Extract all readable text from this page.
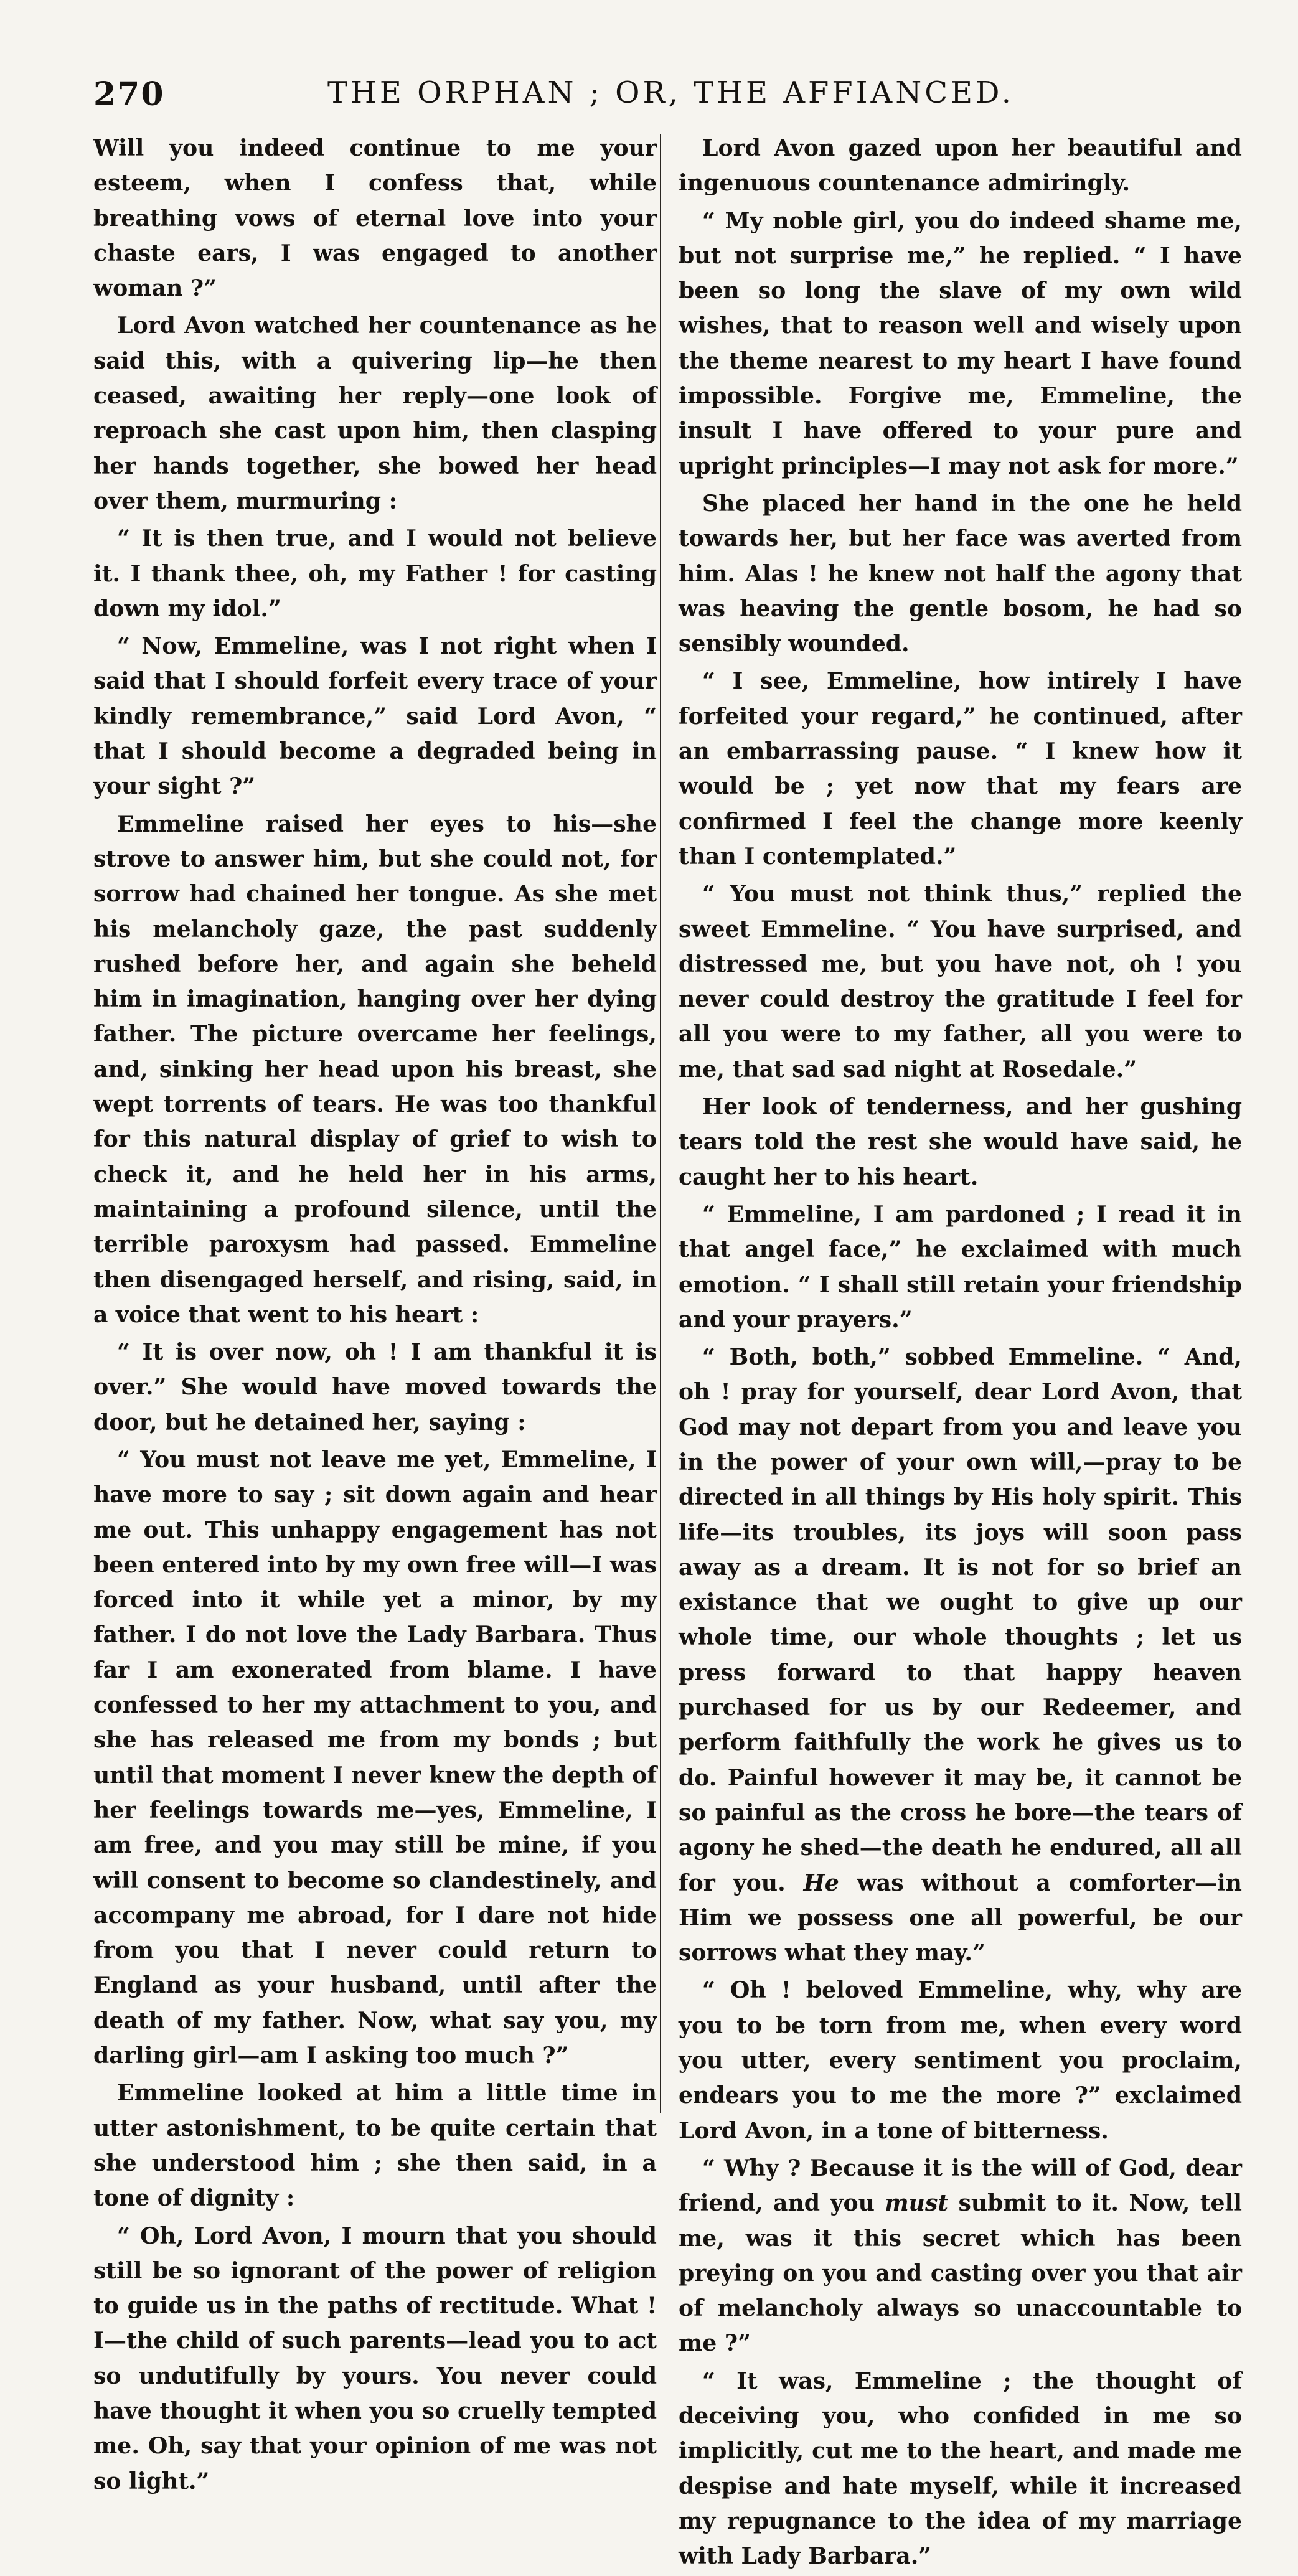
270	THE ORPHAN ; OR, THE AFFIANCED.

Will you indeed continue to me your esteem, when I confess that, while breathing vows of eternal love into your chaste ears, I was engaged to another woman ?”

Lord Avon watched her countenance as he said this, with a quivering lip—he then ceased, awaiting her reply—one look of reproach she cast upon him, then clasping her hands together, she bowed her head over them, murmuring :

“ It is then true, and I would not believe it. I thank thee, oh, my Father ! for casting down my idol.”

“ Now, Emmeline, was I not right when I said that I should forfeit every trace of your kindly remembrance,” said Lord Avon, “ that I should become a degraded being in your sight ?”

Emmeline raised her eyes to his—she strove to answer him, but she could not, for sorrow had chained her tongue. As she met his melancholy gaze, the past suddenly rushed before her, and again she beheld him in imagination, hanging over her dying father. The picture overcame her feelings, and, sinking her head upon his breast, she wept torrents of tears. He was too thankful for this natural display of grief to wish to check it, and he held her in his arms, maintaining a profound silence, until the terrible paroxysm had passed. Emmeline then disengaged herself, and rising, said, in a voice that went to his heart :

“ It is over now, oh ! I am thankful it is over.” She would have moved towards the door, but he detained her, saying :

“ You must not leave me yet, Emmeline, I have more to say ; sit down again and hear me out. This unhappy engagement has not been entered into by my own free will—I was forced into it while yet a minor, by my father. I do not love the Lady Barbara. Thus far I am exonerated from blame. I have confessed to her my attachment to you, and she has released me from my bonds ; but until that moment I never knew the depth of her feelings towards me—yes, Emmeline, I am free, and you may still be mine, if you will consent to become so clandestinely, and accompany me abroad, for I dare not hide from you that I never could return to England as your husband, until after the death of my father. Now, what say you, my darling girl—am I asking too much ?”

Emmeline looked at him a little time in utter astonishment, to be quite certain that she understood him ; she then said, in a tone of dignity :

“ Oh, Lord Avon, I mourn that you should still be so ignorant of the power of religion to guide us in the paths of rectitude. What ! I—the child of such parents—lead you to act so undutifully by yours. You never could have thought it when you so cruelly tempted me. Oh, say that your opinion of me was not so light.”

Lord Avon gazed upon her beautiful and ingenuous countenance admiringly.

“ My noble girl, you do indeed shame me, but not surprise me,” he replied. “ I have been so long the slave of my own wild wishes, that to reason well and wisely upon the theme nearest to my heart I have found impossible. Forgive me, Emmeline, the insult I have offered to your pure and upright principles—I may not ask for more.”

She placed her hand in the one he held towards her, but her face was averted from him. Alas ! he knew not half the agony that was heaving the gentle bosom, he had so sensibly wounded.

“ I see, Emmeline, how intirely I have forfeited your regard,” he continued, after an embarrassing pause. “ I knew how it would be ; yet now that my fears are confirmed I feel the change more keenly than I contemplated.”

“ You must not think thus,” replied the sweet Emmeline. “ You have surprised, and distressed me, but you have not, oh ! you never could destroy the gratitude I feel for all you were to my father, all you were to me, that sad sad night at Rosedale.”

Her look of tenderness, and her gushing tears told the rest she would have said, he caught her to his heart.

“ Emmeline, I am pardoned ; I read it in that angel face,” he exclaimed with much emotion. “ I shall still retain your friendship and your prayers.”

“ Both, both,” sobbed Emmeline. “ And, oh ! pray for yourself, dear Lord Avon, that God may not depart from you and leave you in the power of your own will,—pray to be directed in all things by His holy spirit. This life—its troubles, its joys will soon pass away as a dream. It is not for so brief an existance that we ought to give up our whole time, our whole thoughts ; let us press forward to that happy heaven purchased for us by our Redeemer, and perform faithfully the work he gives us to do. Painful however it may be, it cannot be so painful as the cross he bore—the tears of agony he shed—the death he endured, all all for you. He was without a comforter—in Him we possess one all powerful, be our sorrows what they may.”

“ Oh ! beloved Emmeline, why, why are you to be torn from me, when every word you utter, every sentiment you proclaim, endears you to me the more ?” exclaimed Lord Avon, in a tone of bitterness.

“ Why ? Because it is the will of God, dear friend, and you must submit to it. Now, tell me, was it this secret which has been preying on you and casting over you that air of melancholy always so unaccountable to me ?”

“ It was, Emmeline ; the thought of deceiving you, who confided in me so implicitly, cut me to the heart, and made me despise and hate myself, while it increased my repugnance to the idea of my marriage with Lady Barbara.”
